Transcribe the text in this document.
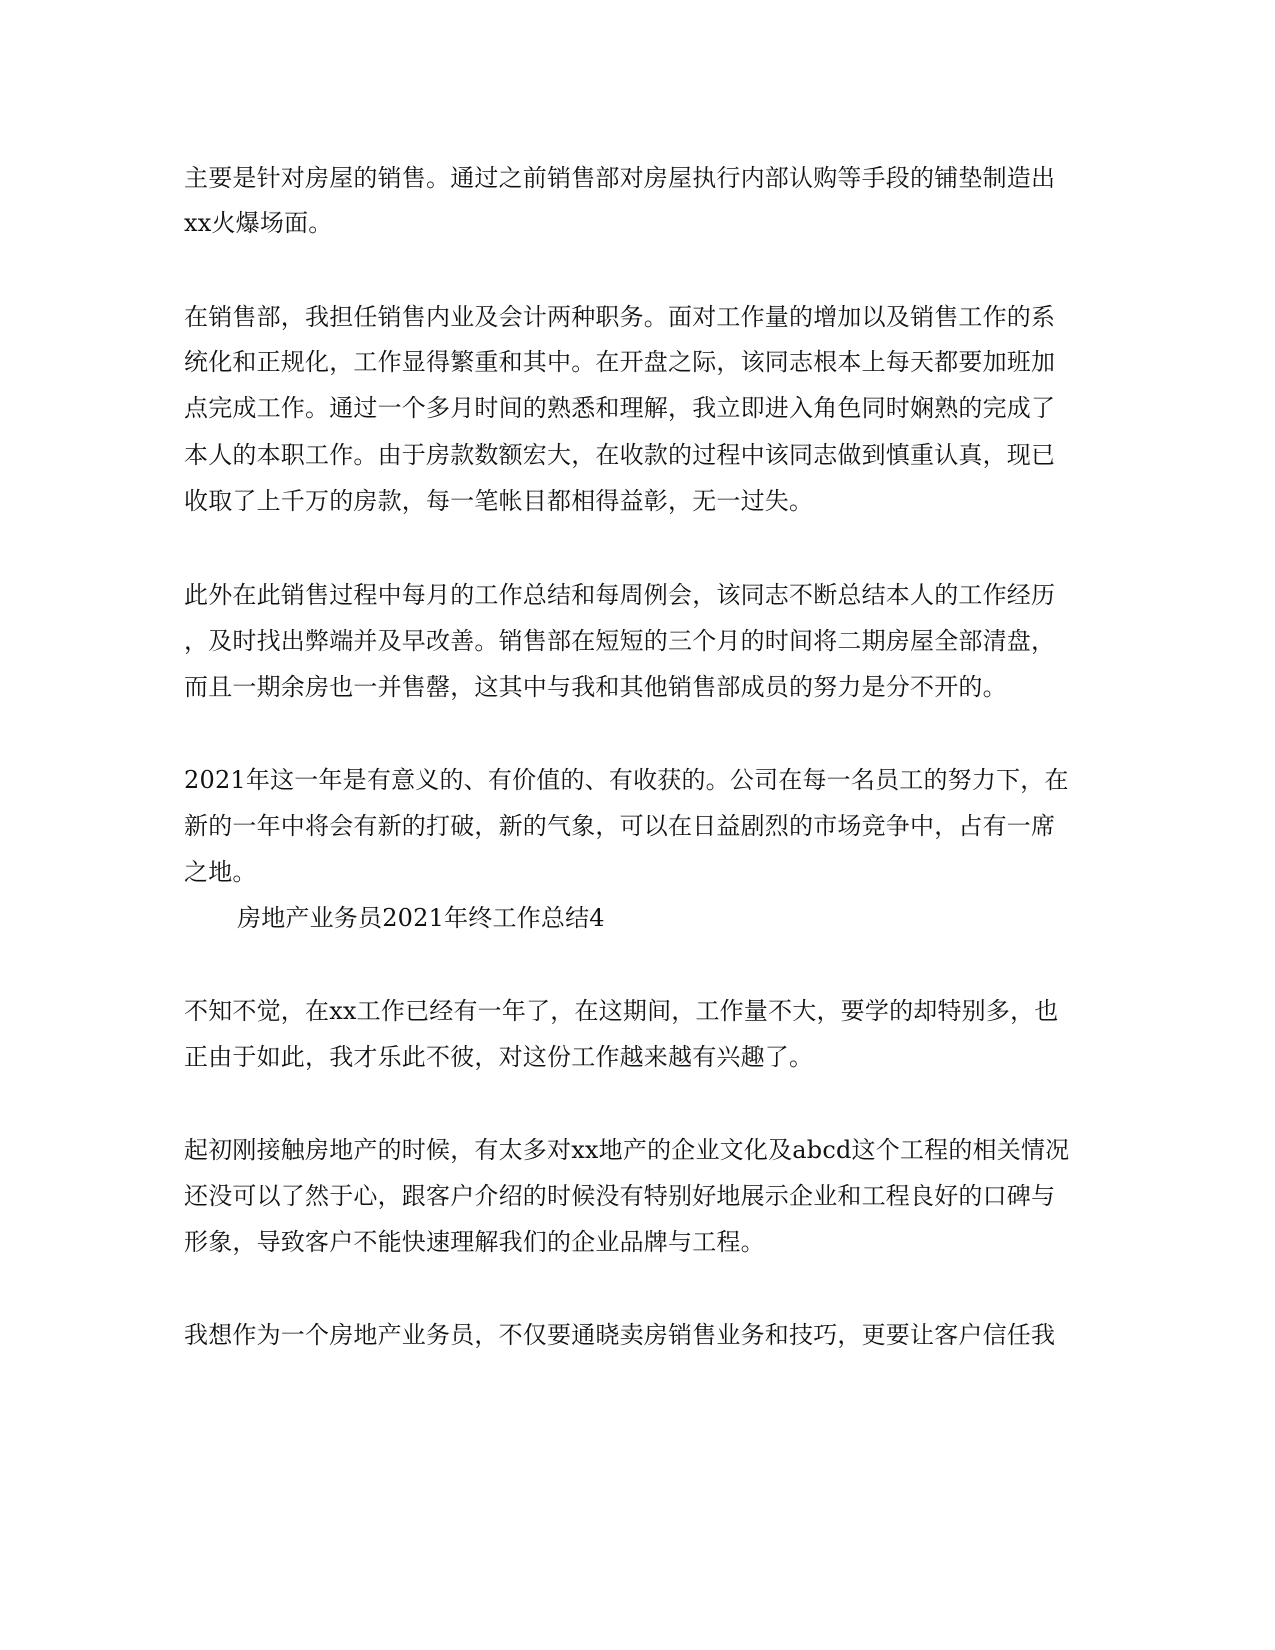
主要是针对房屋的销售。通过之前销售部对房屋执行内部认购等手段的铺垫制造出
xx火爆场面。
在销售部，我担任销售内业及会计两种职务。面对工作量的增加以及销售工作的系
统化和正规化，工作显得繁重和其中。在开盘之际，该同志根本上每天都要加班加
点完成工作。通过一个多月时间的熟悉和理解，我立即进入角色同时娴熟的完成了
本人的本职工作。由于房款数额宏大，在收款的过程中该同志做到慎重认真，现已
收取了上千万的房款，每一笔帐目都相得益彰，无一过失。
此外在此销售过程中每月的工作总结和每周例会，该同志不断总结本人的工作经历
，及时找出弊端并及早改善。销售部在短短的三个月的时间将二期房屋全部清盘，
而且一期余房也一并售罄，这其中与我和其他销售部成员的努力是分不开的。
2021年这一年是有意义的、有价值的、有收获的。公司在每一名员工的努力下，在
新的一年中将会有新的打破，新的气象，可以在日益剧烈的市场竞争中，占有一席
之地。
房地产业务员2021年终工作总结4
不知不觉，在xx工作已经有一年了，在这期间，工作量不大，要学的却特别多，也
正由于如此，我才乐此不彼，对这份工作越来越有兴趣了。
起初刚接触房地产的时候，有太多对xx地产的企业文化及abcd这个工程的相关情况
还没可以了然于心，跟客户介绍的时候没有特别好地展示企业和工程良好的口碑与
形象，导致客户不能快速理解我们的企业品牌与工程。
我想作为一个房地产业务员，不仅要通晓卖房销售业务和技巧，更要让客户信任我
